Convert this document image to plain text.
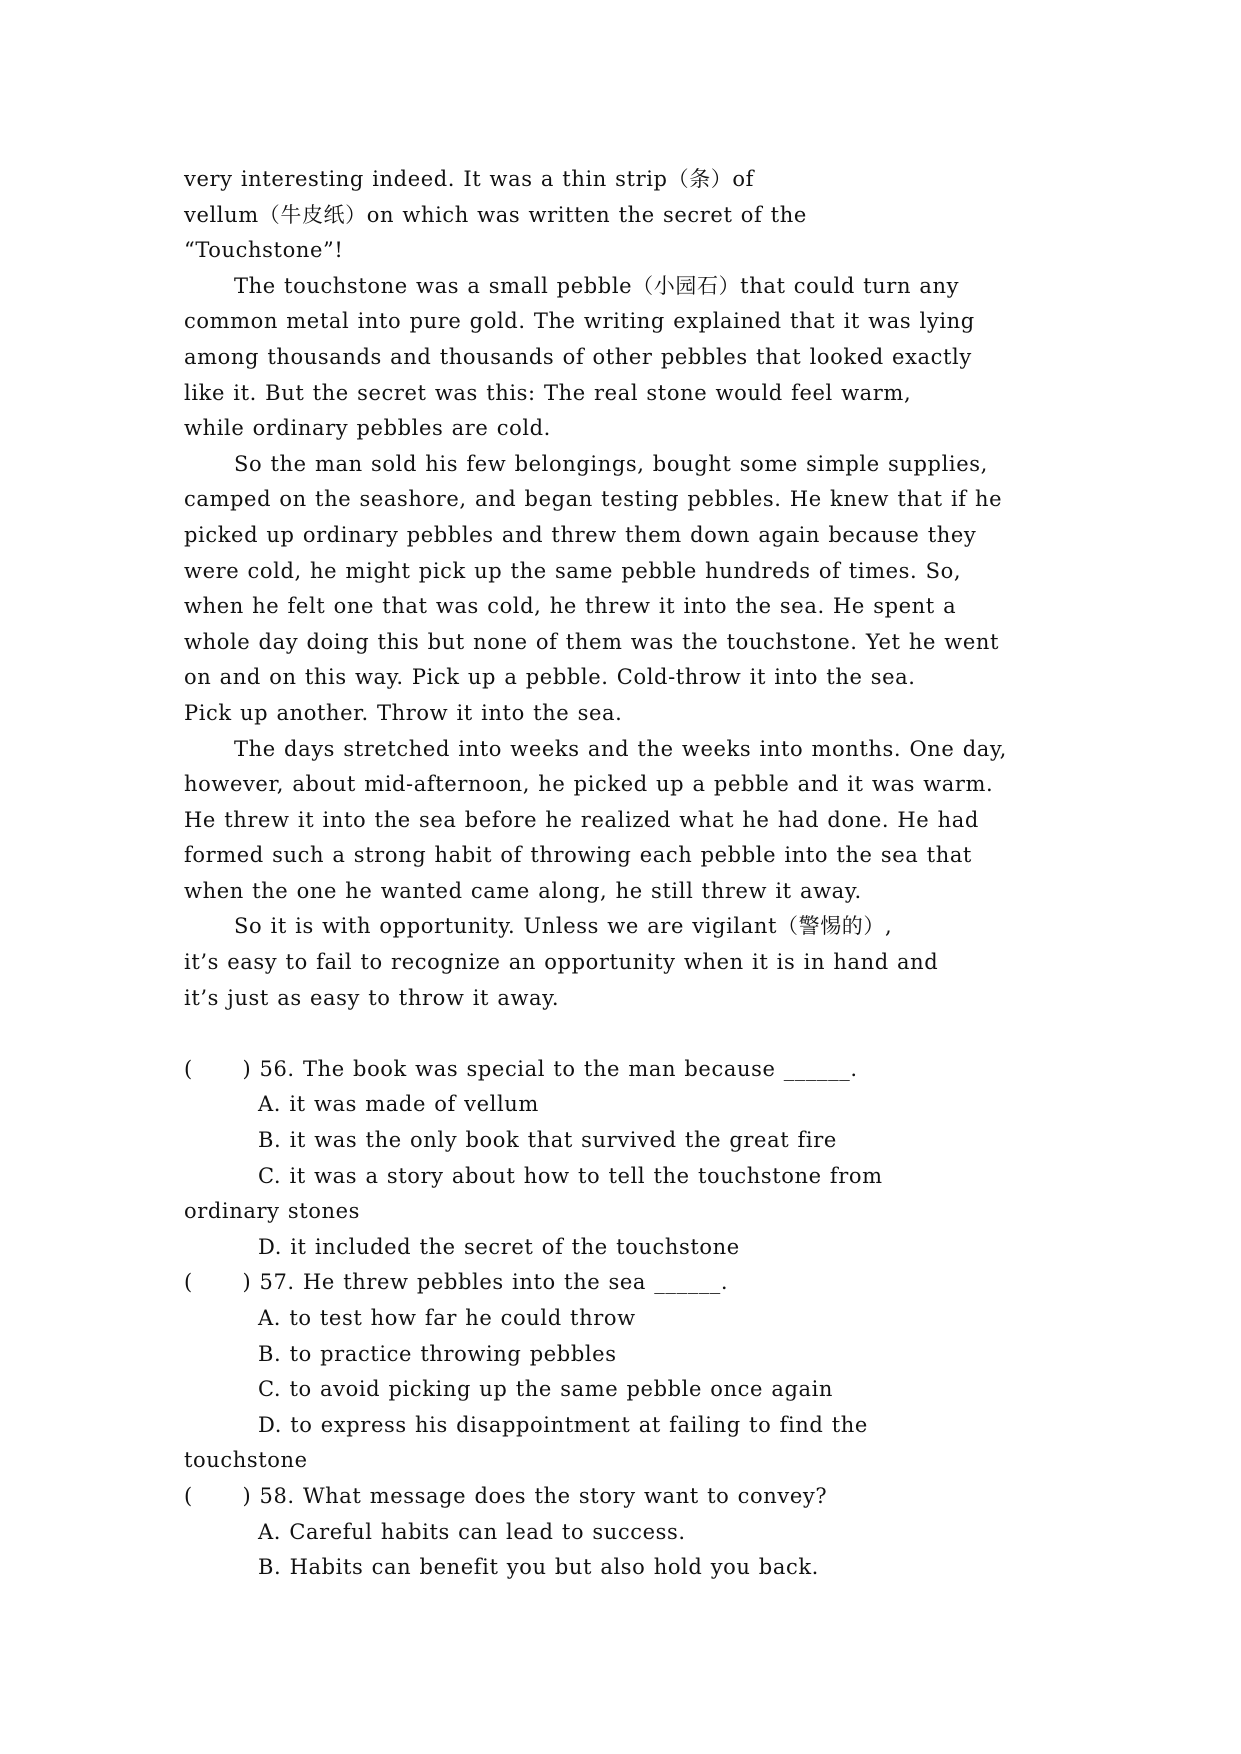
very interesting indeed. It was a thin strip（条）of
vellum（牛皮纸）on which was written the secret of the
“Touchstone”!
The touchstone was a small pebble（小园石）that could turn any
common metal into pure gold. The writing explained that it was lying
among thousands and thousands of other pebbles that looked exactly
like it. But the secret was this: The real stone would feel warm,
while ordinary pebbles are cold.
So the man sold his few belongings, bought some simple supplies,
camped on the seashore, and began testing pebbles. He knew that if he
picked up ordinary pebbles and threw them down again because they
were cold, he might pick up the same pebble hundreds of times. So,
when he felt one that was cold, he threw it into the sea. He spent a
whole day doing this but none of them was the touchstone. Yet he went
on and on this way. Pick up a pebble. Cold-throw it into the sea.
Pick up another. Throw it into the sea.
The days stretched into weeks and the weeks into months. One day,
however, about mid-afternoon, he picked up a pebble and it was warm.
He threw it into the sea before he realized what he had done. He had
formed such a strong habit of throwing each pebble into the sea that
when the one he wanted came along, he still threw it away.
So it is with opportunity. Unless we are vigilant（警惕的）,
it’s easy to fail to recognize an opportunity when it is in hand and
it’s just as easy to throw it away.
(      ) 56. The book was special to the man because ______.
A. it was made of vellum
B. it was the only book that survived the great fire
C. it was a story about how to tell the touchstone from
ordinary stones
D. it included the secret of the touchstone
(      ) 57. He threw pebbles into the sea ______.
A. to test how far he could throw
B. to practice throwing pebbles
C. to avoid picking up the same pebble once again
D. to express his disappointment at failing to find the
touchstone
(      ) 58. What message does the story want to convey?
A. Careful habits can lead to success.
B. Habits can benefit you but also hold you back.
